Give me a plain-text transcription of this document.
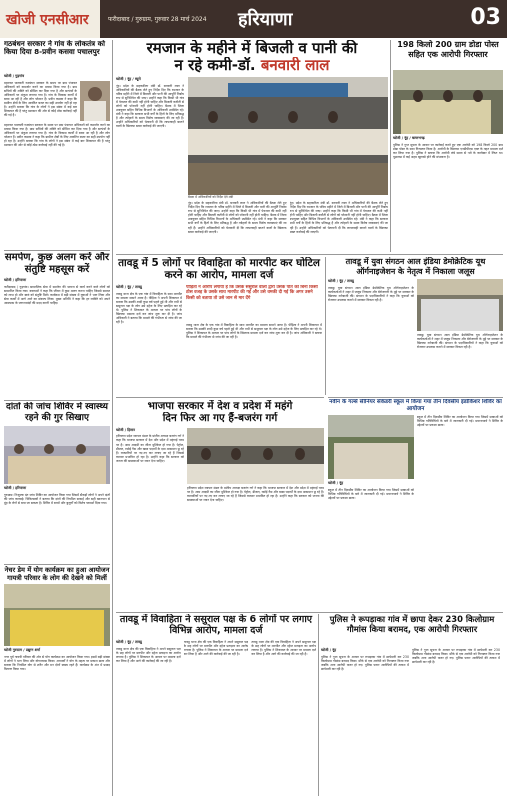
खोजी एनसीआर	फरीदाबाद / गुरुग्राम, गुरुवार 28 मार्च 2024	हरियाणा	03
गठबंधन सरकार ने गांव के लोकतंत्र को किया दिया 8-प्रवीन कसवा पचालपुर
खोजी / गुड़गांव
महाराज पालवती गठबंधन सरकार के समय पर ग्राम पंचायत अधिकारों को कमजोर करने का प्रयास किया गया है। ग्राम सचिवों की शक्ति को सीमित कर दिया गया है और सरपंचों के अधिकारों पर अंकुश लगाया गया है। गांव के विकास कार्यों में बाधा आ रही है और लोग परेशान हैं। प्रवीन कसवा ने कहा कि ग्रामीण क्षेत्रों के लिए आवंटित बजट का सही उपयोग नहीं हो रहा है। उन्होंने बताया कि गांव के लोगों ने इस संबंध में कई बार शिकायत की है परंतु प्रशासन की ओर से कोई ठोस कार्रवाई नहीं की गई है।
महाराज पालवती गठबंधन सरकार के समय पर ग्राम पंचायत अधिकारों को कमजोर करने का प्रयास किया गया है। ग्राम सचिवों की शक्ति को सीमित कर दिया गया है और सरपंचों के अधिकारों पर अंकुश लगाया गया है। गांव के विकास कार्यों में बाधा आ रही है और लोग परेशान हैं। प्रवीन कसवा ने कहा कि ग्रामीण क्षेत्रों के लिए आवंटित बजट का सही उपयोग नहीं हो रहा है। उन्होंने बताया कि गांव के लोगों ने इस संबंध में कई बार शिकायत की है परंतु प्रशासन की ओर से कोई ठोस कार्रवाई नहीं की गई है।
समर्पण, कुछ अलग करें और संतुष्टि महसूस करें
खोजी / हरियाणा
फरीदाबाद / गुड़गांव। सामाजिक सेवा में समर्पण की भावना से कार्य करने वाले लोगों को सम्मानित किया गया। वक्ताओं ने कहा कि जीवन में कुछ अलग करना चाहिए जिससे समाज को लाभ हो और स्वयं को संतुष्टि मिले। कार्यक्रम में बड़ी संख्या में युवाओं ने भाग लिया और सेवा कार्यों में आगे आने का संकल्प लिया। मुख्य अतिथि ने कहा कि हर व्यक्ति को अपने आसपास के जरूरतमंदों की मदद करनी चाहिए।
दांतों की जांच शिविर में स्वास्थ्य रहने की गुर सिखाए
खोजी / हरियाणा
गुरुग्राम। निःशुल्क दंत जांच शिविर का आयोजन किया गया जिसमें सैकड़ों लोगों ने अपने दांतों की जांच करवाई। चिकित्सकों ने बताया कि दांतों की नियमित सफाई और सही खानपान से मुंह के रोगों से बचा जा सकता है। शिविर में बच्चों और बुजुर्गों को विशेष परामर्श दिया गया।
नेचर डेम में योग कार्यक्रम का हुआ आयोजन गायत्री परिवार के लोग की देखने को मिलीं
खोजी गुरुग्राम / प्रद्युम्न शर्मा
नगर पूर्व गायत्री परिवार की ओर से योग कार्यक्रम का आयोजन किया गया। इसमें बड़ी संख्या में लोगों ने भाग लिया और योगाभ्यास किया। आचार्यों ने योग के महत्व पर प्रकाश डाला और बताया कि नियमित योग से शरीर और मन दोनों स्वस्थ रहते हैं। कार्यक्रम के अंत में प्रसाद वितरण किया गया।
रमजान के महीने में बिजली व पानी की
न रहे कमी-डॉ. बनवारी लाल
खोजी / नूंह / ब्यूरो
नूंह। प्रदेश के सहकारिता मंत्री डॉ. बनवारी लाल ने अधिकारियों की बैठक लेते हुए निर्देश दिए कि रमजान के पवित्र महीने में जिले में बिजली और पानी की आपूर्ति निर्बाध रूप से सुनिश्चित की जाए। उन्होंने कहा कि किसी भी गांव में पेयजल की कमी नहीं होनी चाहिए और बिजली कटौती से लोगों को परेशानी नहीं होनी चाहिए। बैठक में जिला उपायुक्त सहित विभिन्न विभागों के अधिकारी उपस्थित रहे। मंत्री ने कहा कि सरकार सभी वर्गों के हितों के लिए प्रतिबद्ध है और त्योहारों के समय विशेष व्यवस्थाएं की जा रही हैं। उन्होंने अधिकारियों को चेतावनी दी कि लापरवाही बरतने वालों के खिलाफ सख्त कार्रवाई की जाएगी।
बैठक में अधिकारियों को निर्देश देते मंत्री
नूंह। प्रदेश के सहकारिता मंत्री डॉ. बनवारी लाल ने अधिकारियों की बैठक लेते हुए निर्देश दिए कि रमजान के पवित्र महीने में जिले में बिजली और पानी की आपूर्ति निर्बाध रूप से सुनिश्चित की जाए। उन्होंने कहा कि किसी भी गांव में पेयजल की कमी नहीं होनी चाहिए और बिजली कटौती से लोगों को परेशानी नहीं होनी चाहिए। बैठक में जिला उपायुक्त सहित विभिन्न विभागों के अधिकारी उपस्थित रहे। मंत्री ने कहा कि सरकार सभी वर्गों के हितों के लिए प्रतिबद्ध है और त्योहारों के समय विशेष व्यवस्थाएं की जा रही हैं। उन्होंने अधिकारियों को चेतावनी दी कि लापरवाही बरतने वालों के खिलाफ सख्त कार्रवाई की जाएगी।
नूंह। प्रदेश के सहकारिता मंत्री डॉ. बनवारी लाल ने अधिकारियों की बैठक लेते हुए निर्देश दिए कि रमजान के पवित्र महीने में जिले में बिजली और पानी की आपूर्ति निर्बाध रूप से सुनिश्चित की जाए। उन्होंने कहा कि किसी भी गांव में पेयजल की कमी नहीं होनी चाहिए और बिजली कटौती से लोगों को परेशानी नहीं होनी चाहिए। बैठक में जिला उपायुक्त सहित विभिन्न विभागों के अधिकारी उपस्थित रहे। मंत्री ने कहा कि सरकार सभी वर्गों के हितों के लिए प्रतिबद्ध है और त्योहारों के समय विशेष व्यवस्थाएं की जा रही हैं। उन्होंने अधिकारियों को चेतावनी दी कि लापरवाही बरतने वालों के खिलाफ सख्त कार्रवाई की जाएगी।
198 किलो 200 ग्राम डोडा पोस्त सहित एक आरोपी गिरफ्तार
खोजी / नूंह / बल्लभगढ़
पुलिस ने गुप्त सूचना के आधार पर कार्रवाई करते हुए एक आरोपी को 198 किलो 200 ग्राम डोडा पोस्त के साथ गिरफ्तार किया है। आरोपी के खिलाफ एनडीपीएस एक्ट के तहत मामला दर्ज कर लिया गया है। पुलिस ने बताया कि आरोपी लंबे समय से नशे के कारोबार में लिप्त था। पूछताछ में कई अहम खुलासे होने की संभावना है।
तावडू में 5 लोगों पर विवाहिता को मारपीट कर घोटिल करने का आरोप, मामला दर्ज
खोजी / नूंह / तावडू
तावडू थाना क्षेत्र के एक गांव में विवाहिता के साथ मारपीट का मामला सामने आया है। पीड़िता ने अपनी शिकायत में बताया कि उसकी शादी कुछ वर्ष पहले हुई थी और तभी से ससुराल पक्ष के लोग उसे दहेज के लिए प्रताड़ित कर रहे थे। पुलिस ने शिकायत के आधार पर पांच लोगों के खिलाफ मामला दर्ज कर जांच शुरू कर दी है। जांच अधिकारी ने बताया कि मामले की गंभीरता से जांच की जा रही है।
पीड़िता ने आरोप लगाया है कि उसके ससुराल वालों द्वारा उसके पति को बिना किसी ठोस वजह के उसके साथ मारपीट की गई और उसे धमकी दी गई कि अगर उसने किसी को बताया तो उसे जान से मार देंगे
तावडू थाना क्षेत्र के एक गांव में विवाहिता के साथ मारपीट का मामला सामने आया है। पीड़िता ने अपनी शिकायत में बताया कि उसकी शादी कुछ वर्ष पहले हुई थी और तभी से ससुराल पक्ष के लोग उसे दहेज के लिए प्रताड़ित कर रहे थे। पुलिस ने शिकायत के आधार पर पांच लोगों के खिलाफ मामला दर्ज कर जांच शुरू कर दी है। जांच अधिकारी ने बताया कि मामले की गंभीरता से जांच की जा रही है।
तावडू में युवा संगठन आल इंडिया डेमोक्रेटिक यूथ ऑर्गनाइजेशन के नेतृत्व में निकाला जलूस
खोजी / नूंह / तावडू
तावडू। युवा संगठन आल इंडिया डेमोक्रेटिक यूथ ऑर्गनाइजेशन के कार्यकर्ताओं ने शहर में जलूस निकाला और बेरोजगारी के मुद्दे पर सरकार के खिलाफ नारेबाजी की। संगठन के पदाधिकारियों ने कहा कि युवाओं को रोजगार उपलब्ध कराने में सरकार विफल रही है।
तावडू। युवा संगठन आल इंडिया डेमोक्रेटिक यूथ ऑर्गनाइजेशन के कार्यकर्ताओं ने शहर में जलूस निकाला और बेरोजगारी के मुद्दे पर सरकार के खिलाफ नारेबाजी की। संगठन के पदाधिकारियों ने कहा कि युवाओं को रोजगार उपलब्ध कराने में सरकार विफल रही है।
नवीन के गर्ल्स सीनियर सेकेंडरी स्कूल में किया गया तीन दिवसीय इंडोकिशर शिविर का आयोजन
खोजी / नूंह
स्कूल में तीन दिवसीय शिविर का आयोजन किया गया जिसमें छात्राओं को विभिन्न गतिविधियों के बारे में जानकारी दी गई। प्रधानाचार्य ने शिविर के उद्देश्यों पर प्रकाश डाला।
स्कूल में तीन दिवसीय शिविर का आयोजन किया गया जिसमें छात्राओं को विभिन्न गतिविधियों के बारे में जानकारी दी गई। प्रधानाचार्य ने शिविर के उद्देश्यों पर प्रकाश डाला।
भाजपा सरकार में देश व प्रदेश में महंगे
दिन फिर आ गए हैं-बजरंग गर्ग
खोजी / हिसार
हरियाणा प्रदेश व्यापार मंडल के प्रांतीय अध्यक्ष बजरंग गर्ग ने कहा कि भाजपा सरकार में देश और प्रदेश में महंगाई चरम पर है। आम आदमी का जीना मुश्किल हो गया है। पेट्रोल, डीजल, रसोई गैस और खाद्य पदार्थों के दाम आसमान छू रहे हैं। व्यापारियों पर नए-नए कर लगाए जा रहे हैं जिससे व्यापार प्रभावित हो रहा है। उन्होंने कहा कि सरकार को जनता की समस्याओं पर ध्यान देना चाहिए।
हरियाणा प्रदेश व्यापार मंडल के प्रांतीय अध्यक्ष बजरंग गर्ग ने कहा कि भाजपा सरकार में देश और प्रदेश में महंगाई चरम पर है। आम आदमी का जीना मुश्किल हो गया है। पेट्रोल, डीजल, रसोई गैस और खाद्य पदार्थों के दाम आसमान छू रहे हैं। व्यापारियों पर नए-नए कर लगाए जा रहे हैं जिससे व्यापार प्रभावित हो रहा है। उन्होंने कहा कि सरकार को जनता की समस्याओं पर ध्यान देना चाहिए।
तावडू में विवाहिता ने ससुराल पक्ष के 6 लोगों पर लगाए विभिन्न आरोप, मामला दर्ज
खोजी / नूंह / तावडू
तावडू थाना क्षेत्र की एक विवाहिता ने अपने ससुराल पक्ष के छह लोगों पर मारपीट और दहेज प्रताड़ना का आरोप लगाया है। पुलिस ने शिकायत के आधार पर मामला दर्ज कर लिया है और आगे की कार्रवाई की जा रही है।
तावडू थाना क्षेत्र की एक विवाहिता ने अपने ससुराल पक्ष के छह लोगों पर मारपीट और दहेज प्रताड़ना का आरोप लगाया है। पुलिस ने शिकायत के आधार पर मामला दर्ज कर लिया है और आगे की कार्रवाई की जा रही है।
तावडू थाना क्षेत्र की एक विवाहिता ने अपने ससुराल पक्ष के छह लोगों पर मारपीट और दहेज प्रताड़ना का आरोप लगाया है। पुलिस ने शिकायत के आधार पर मामला दर्ज कर लिया है और आगे की कार्रवाई की जा रही है।
पुलिस ने रूपड़ाका गांव में छापा देकर 230 किलोग्राम गौमांस किया बरामद, एक आरोपी गिरफ्तार
खोजी / नूंह
पुलिस ने गुप्त सूचना के आधार पर रूपड़ाका गांव में छापेमारी कर 230 किलोग्राम गौमांस बरामद किया। मौके से एक आरोपी को गिरफ्तार किया गया जबकि अन्य आरोपी फरार हो गए। पुलिस फरार आरोपियों की तलाश में छापेमारी कर रही है।
पुलिस ने गुप्त सूचना के आधार पर रूपड़ाका गांव में छापेमारी कर 230 किलोग्राम गौमांस बरामद किया। मौके से एक आरोपी को गिरफ्तार किया गया जबकि अन्य आरोपी फरार हो गए। पुलिस फरार आरोपियों की तलाश में छापेमारी कर रही है।
